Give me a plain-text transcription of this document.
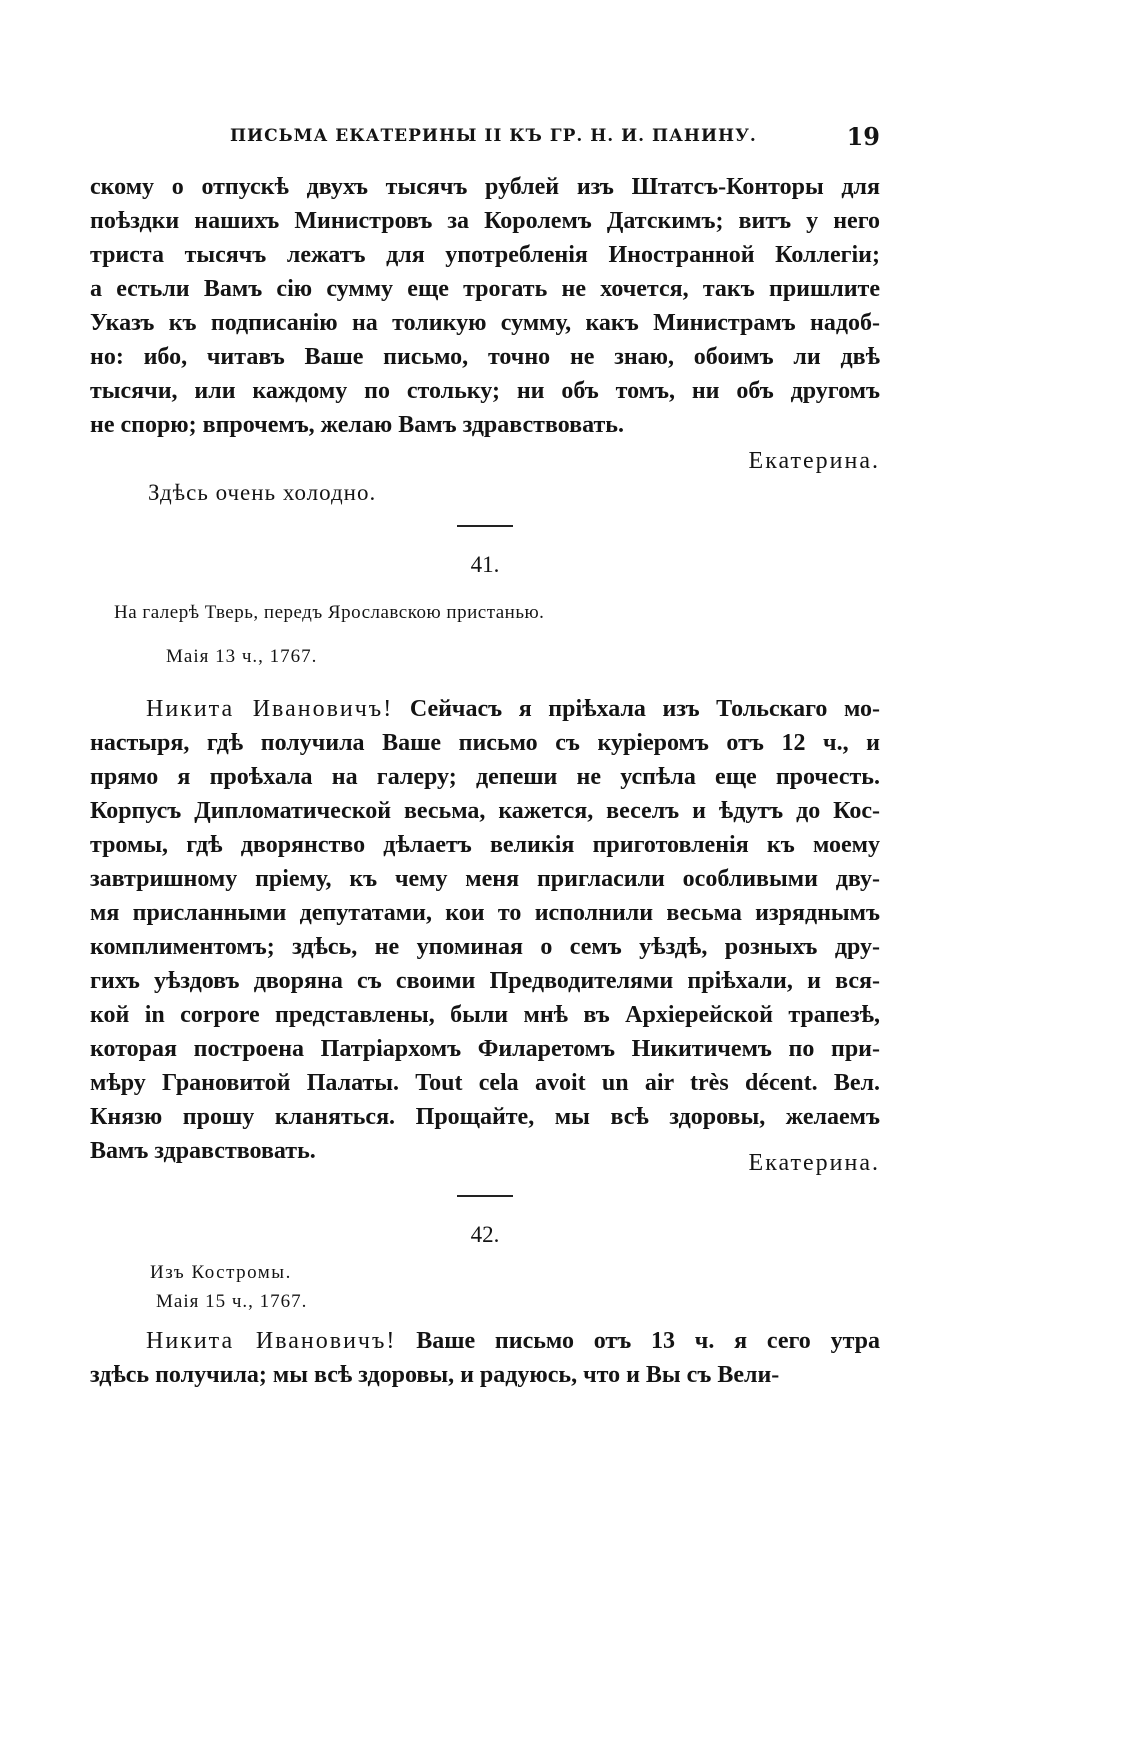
ПИСЬМА ЕКАТЕРИНЫ II КЪ ГР. Н. И. ПАНИНУ.	19
скому о отпускѣ двухъ тысячъ рублей изъ Штатсъ-Конторы для
поѣздки нашихъ Министровъ за Королемъ Датскимъ; витъ у него
триста тысячъ лежатъ для употребленія Иностранной Коллегіи;
а естьли Вамъ сію сумму еще трогать не хочется, такъ пришлите
Указъ къ подписанію на толикую сумму, какъ Министрамъ надоб-
но: ибо, читавъ Ваше письмо, точно не знаю, обоимъ ли двѣ
тысячи, или каждому по стольку; ни объ томъ, ни объ другомъ
не спорю; впрочемъ, желаю Вамъ здравствовать.
Екатерина.
Здѣсь очень холодно.
41.
На галерѣ Тверь, передъ Ярославскою пристанью.
Маія 13 ч., 1767.
Никита Ивановичъ! Сейчасъ я пріѣхала изъ Тольскаго мо-
настыря, гдѣ получила Ваше письмо съ куріеромъ отъ 12 ч., и
прямо я проѣхала на галеру; депеши не успѣла еще прочесть.
Корпусъ Дипломатической весьма, кажется, веселъ и ѣдутъ до Кос-
тромы, гдѣ дворянство дѣлаетъ великія приготовленія къ моему
завтришному пріему, къ чему меня пригласили особливыми дву-
мя присланными депутатами, кои то исполнили весьма изряднымъ
комплиментомъ; здѣсь, не упоминая о семъ уѣздѣ, розныхъ дру-
гихъ уѣздовъ дворяна съ своими Предводителями пріѣхали, и вся-
кой in corpore представлены, были мнѣ въ Архіерейской трапезѣ,
которая построена Патріархомъ Филаретомъ Никитичемъ по при-
мѣру Грановитой Палаты. Tout cela avoit un air très décent. Вел.
Князю прошу кланяться. Прощайте, мы всѣ здоровы, желаемъ
Вамъ здравствовать.	Екатерина.
42.
Изъ Костромы.
Маія 15 ч., 1767.
Никита Ивановичъ! Ваше письмо отъ 13 ч. я сего утра
здѣсь получила; мы всѣ здоровы, и радуюсь, что и Вы съ Вели-
